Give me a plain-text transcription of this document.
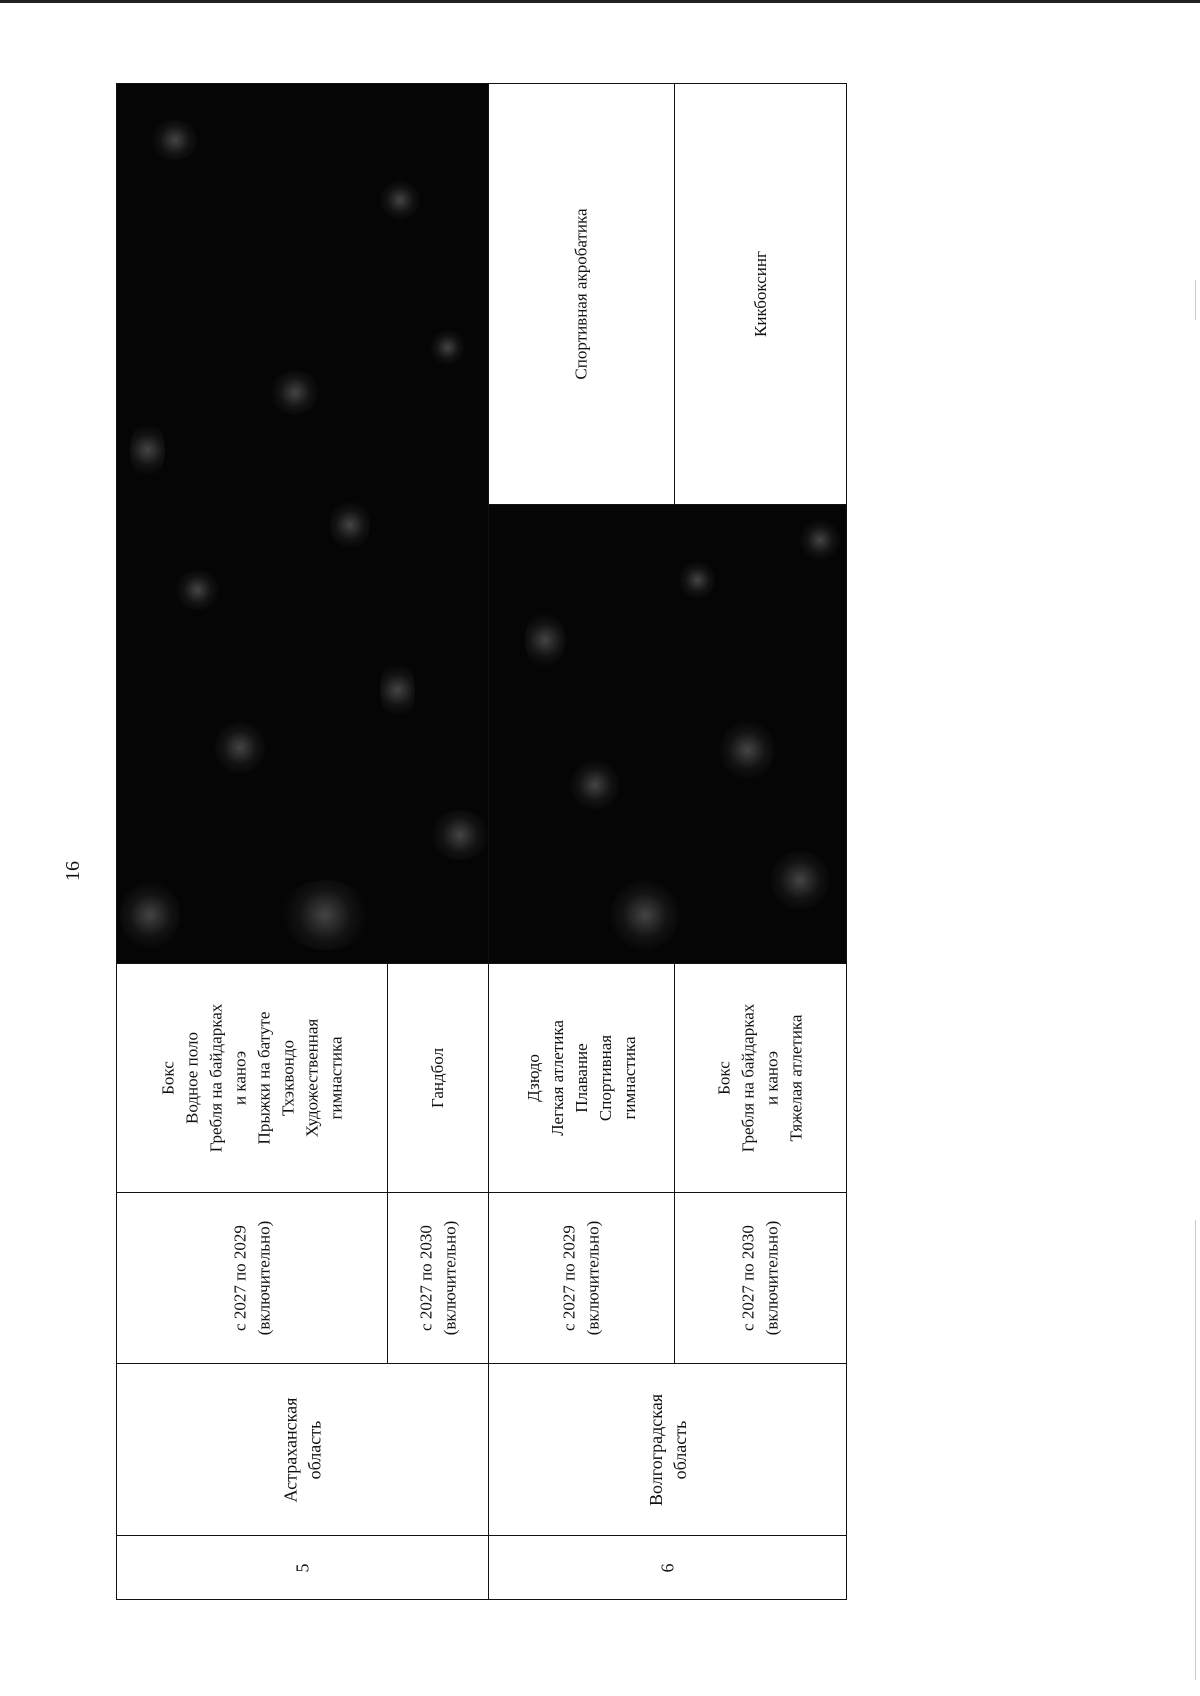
16
5
Астраханская область
с 2027 по 2029 (включительно)
Бокс Водное поло Гребля на байдарках и каноэ Прыжки на батуте Тхэквондо Художественная гимнастика
с 2027 по 2030 (включительно)
Гандбол
Спортивная акробатика
6
Волгоградская область
с 2027 по 2029 (включительно)
Дзюдо Легкая атлетика Плавание Спортивная гимнастика
с 2027 по 2030 (включительно)
Бокс Гребля на байдарках и каноэ Тяжелая атлетика
Кикбоксинг
